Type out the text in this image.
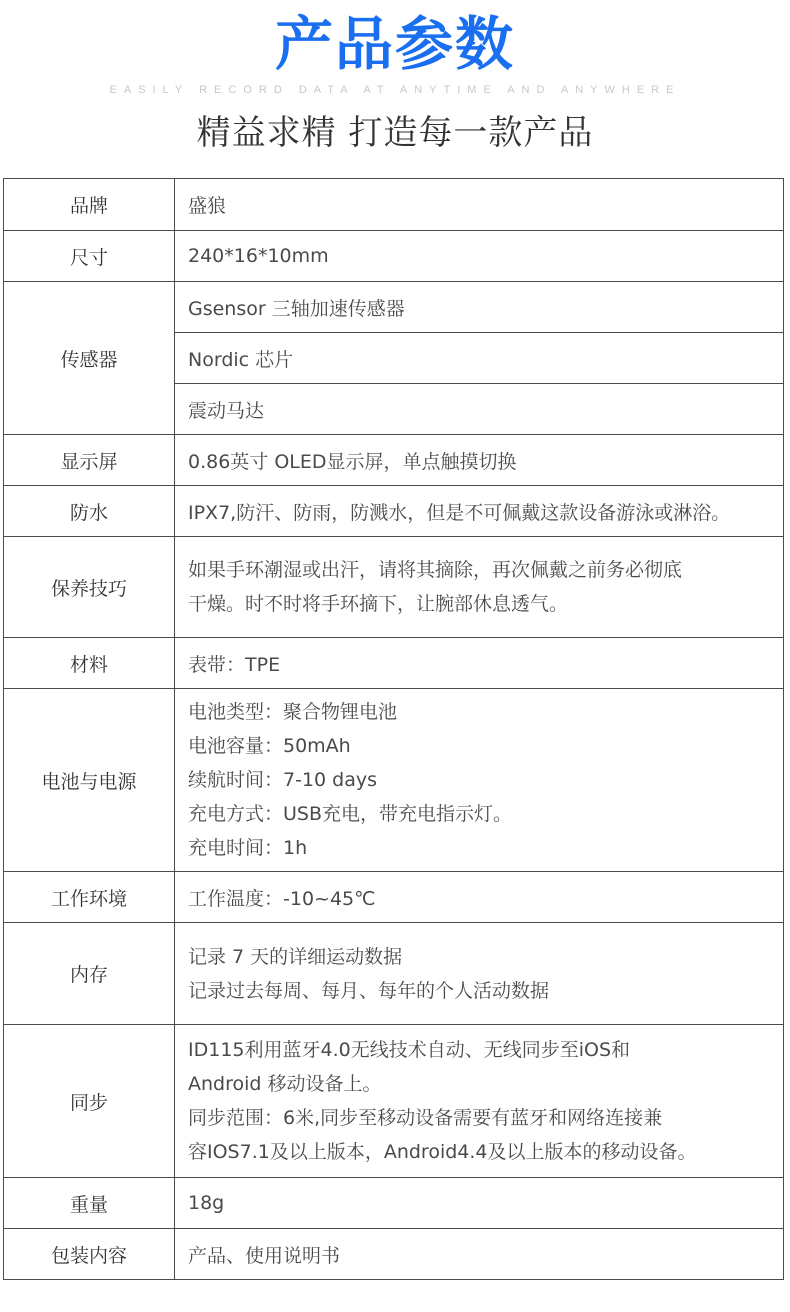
产品参数
EASILY RECORD DATA AT ANYTIME AND ANYWHERE
精益求精 打造每一款产品
品牌	盛狼
尺寸	240*16*10mm
传感器	Gsensor 三轴加速传感器
	Nordic 芯片
	震动马达
显示屏	0.86英寸 OLED显示屏，单点触摸切换
防水	IPX7,防汗、防雨，防溅水，但是不可佩戴这款设备游泳或淋浴。
保养技巧	如果手环潮湿或出汗，请将其摘除，再次佩戴之前务必彻底
干燥。时不时将手环摘下，让腕部休息透气。

材料	表带：TPE
电池与电源	电池类型：聚合物锂电池
电池容量：50mAh
续航时间：7-10 days
充电方式：USB充电，带充电指示灯。
充电时间：1h

工作环境	工作温度：-10~45℃
内存	记录 7 天的详细运动数据
记录过去每周、每月、每年的个人活动数据

同步	ID115利用蓝牙4.0无线技术自动、无线同步至iOS和
Android 移动设备上。
同步范围：6米,同步至移动设备需要有蓝牙和网络连接兼
容IOS7.1及以上版本，Android4.4及以上版本的移动设备。

重量	18g
包装内容	产品、使用说明书
